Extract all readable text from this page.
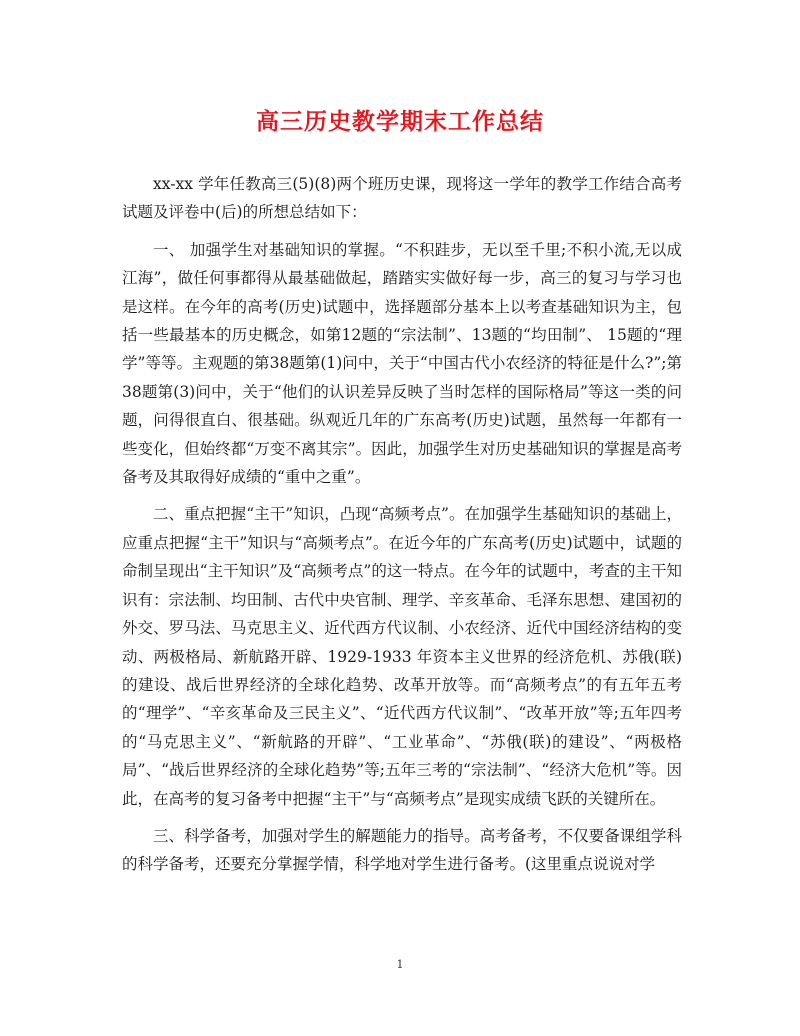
高三历史教学期末工作总结

xx-xx 学年任教高三(5)(8)两个班历史课，现将这一学年的教学工作结合高考试题及评卷中(后)的所想总结如下：

一、 加强学生对基础知识的掌握。“不积跬步，无以至千里;不积小流,无以成江海”，做任何事都得从最基础做起，踏踏实实做好每一步，高三的复习与学习也是这样。在今年的高考(历史)试题中，选择题部分基本上以考查基础知识为主，包括一些最基本的历史概念，如第12题的“宗法制”、13题的“均田制”、 15题的“理学”等等。主观题的第38题第(1)问中，关于“中国古代小农经济的特征是什么?”;第38题第(3)问中，关于“他们的认识差异反映了当时怎样的国际格局”等这一类的问题，问得很直白、很基础。纵观近几年的广东高考(历史)试题，虽然每一年都有一些变化，但始终都“万变不离其宗”。因此，加强学生对历史基础知识的掌握是高考备考及其取得好成绩的“重中之重”。

二、重点把握“主干”知识，凸现“高频考点”。在加强学生基础知识的基础上，应重点把握“主干”知识与“高频考点”。在近今年的广东高考(历史)试题中，试题的命制呈现出“主干知识”及“高频考点”的这一特点。在今年的试题中，考查的主干知识有：宗法制、均田制、古代中央官制、理学、辛亥革命、毛泽东思想、建国初的外交、罗马法、马克思主义、近代西方代议制、小农经济、近代中国经济结构的变动、两极格局、新航路开辟、1929-1933 年资本主义世界的经济危机、苏俄(联)的建设、战后世界经济的全球化趋势、改革开放等。而“高频考点”的有五年五考的“理学”、“辛亥革命及三民主义”、“近代西方代议制”、“改革开放”等;五年四考的“马克思主义”、“新航路的开辟”、“工业革命”、“苏俄(联)的建设”、“两极格局”、“战后世界经济的全球化趋势”等;五年三考的“宗法制”、“经济大危机”等。因此，在高考的复习备考中把握“主干”与“高频考点”是现实成绩飞跃的关键所在。

三、科学备考，加强对学生的解题能力的指导。高考备考，不仅要备课组学科的科学备考，还要充分掌握学情，科学地对学生进行备考。(这里重点说说对学

1
